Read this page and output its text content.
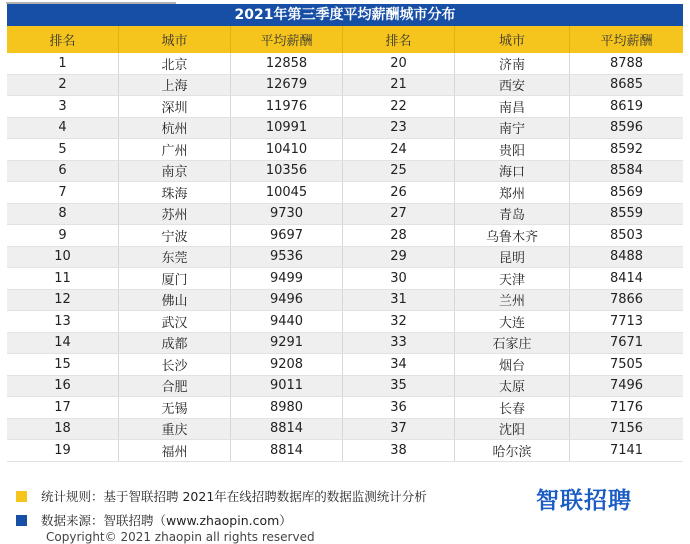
2021年第三季度平均薪酬城市分布
排名	城市	平均薪酬	排名	城市	平均薪酬
1	北京	12858	20	济南	8788
2	上海	12679	21	西安	8685
3	深圳	11976	22	南昌	8619
4	杭州	10991	23	南宁	8596
5	广州	10410	24	贵阳	8592
6	南京	10356	25	海口	8584
7	珠海	10045	26	郑州	8569
8	苏州	9730	27	青岛	8559
9	宁波	9697	28	乌鲁木齐	8503
10	东莞	9536	29	昆明	8488
11	厦门	9499	30	天津	8414
12	佛山	9496	31	兰州	7866
13	武汉	9440	32	大连	7713
14	成都	9291	33	石家庄	7671
15	长沙	9208	34	烟台	7505
16	合肥	9011	35	太原	7496
17	无锡	8980	36	长春	7176
18	重庆	8814	37	沈阳	7156
19	福州	8814	38	哈尔滨	7141
统计规则：基于智联招聘 2021年在线招聘数据库的数据监测统计分析
数据来源：智联招聘（www.zhaopin.com）
智联招聘
Copyright© 2021 zhaopin all rights reserved
